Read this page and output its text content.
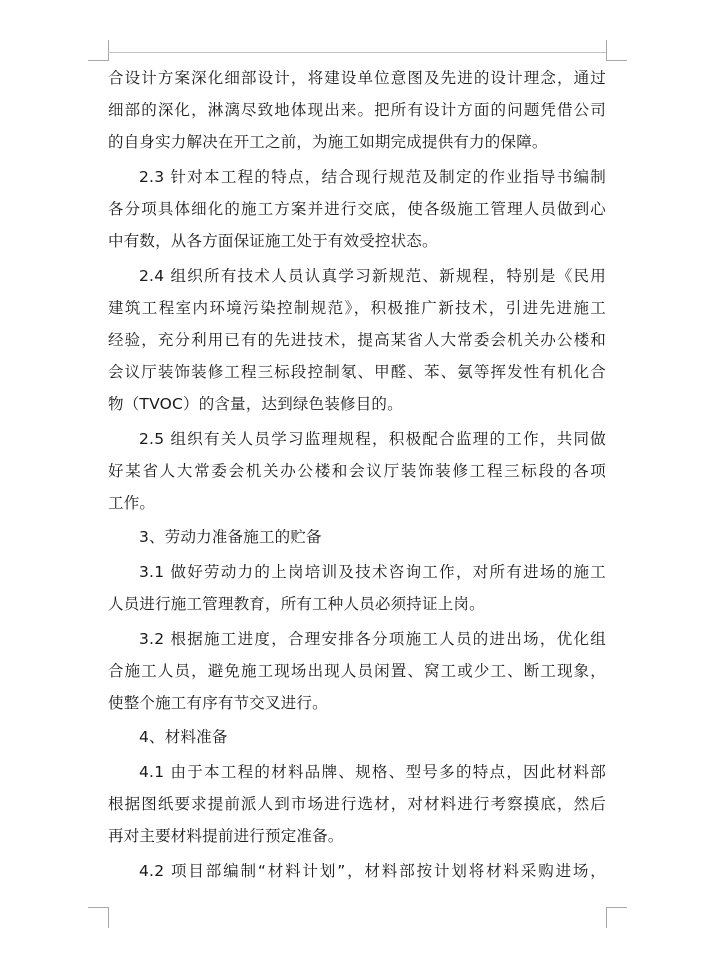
合设计方案深化细部设计，将建设单位意图及先进的设计理念，通过
细部的深化，淋漓尽致地体现出来。把所有设计方面的问题凭借公司
的自身实力解决在开工之前，为施工如期完成提供有力的保障。
2.3 针对本工程的特点，结合现行规范及制定的作业指导书编制
各分项具体细化的施工方案并进行交底，使各级施工管理人员做到心
中有数，从各方面保证施工处于有效受控状态。
2.4 组织所有技术人员认真学习新规范、新规程，特别是《民用
建筑工程室内环境污染控制规范》，积极推广新技术，引进先进施工
经验，充分利用已有的先进技术，提高某省人大常委会机关办公楼和
会议厅装饰装修工程三标段控制氡、甲醛、苯、氨等挥发性有机化合
物（TVOC）的含量，达到绿色装修目的。
2.5 组织有关人员学习监理规程，积极配合监理的工作，共同做
好某省人大常委会机关办公楼和会议厅装饰装修工程三标段的各项
工作。
3、劳动力准备施工的贮备
3.1 做好劳动力的上岗培训及技术咨询工作，对所有进场的施工
人员进行施工管理教育，所有工种人员必须持证上岗。
3.2 根据施工进度，合理安排各分项施工人员的进出场，优化组
合施工人员，避免施工现场出现人员闲置、窝工或少工、断工现象，
使整个施工有序有节交叉进行。
4、材料准备
4.1 由于本工程的材料品牌、规格、型号多的特点，因此材料部
根据图纸要求提前派人到市场进行选材，对材料进行考察摸底，然后
再对主要材料提前进行预定准备。
4.2 项目部编制“材料计划”，材料部按计划将材料采购进场，
